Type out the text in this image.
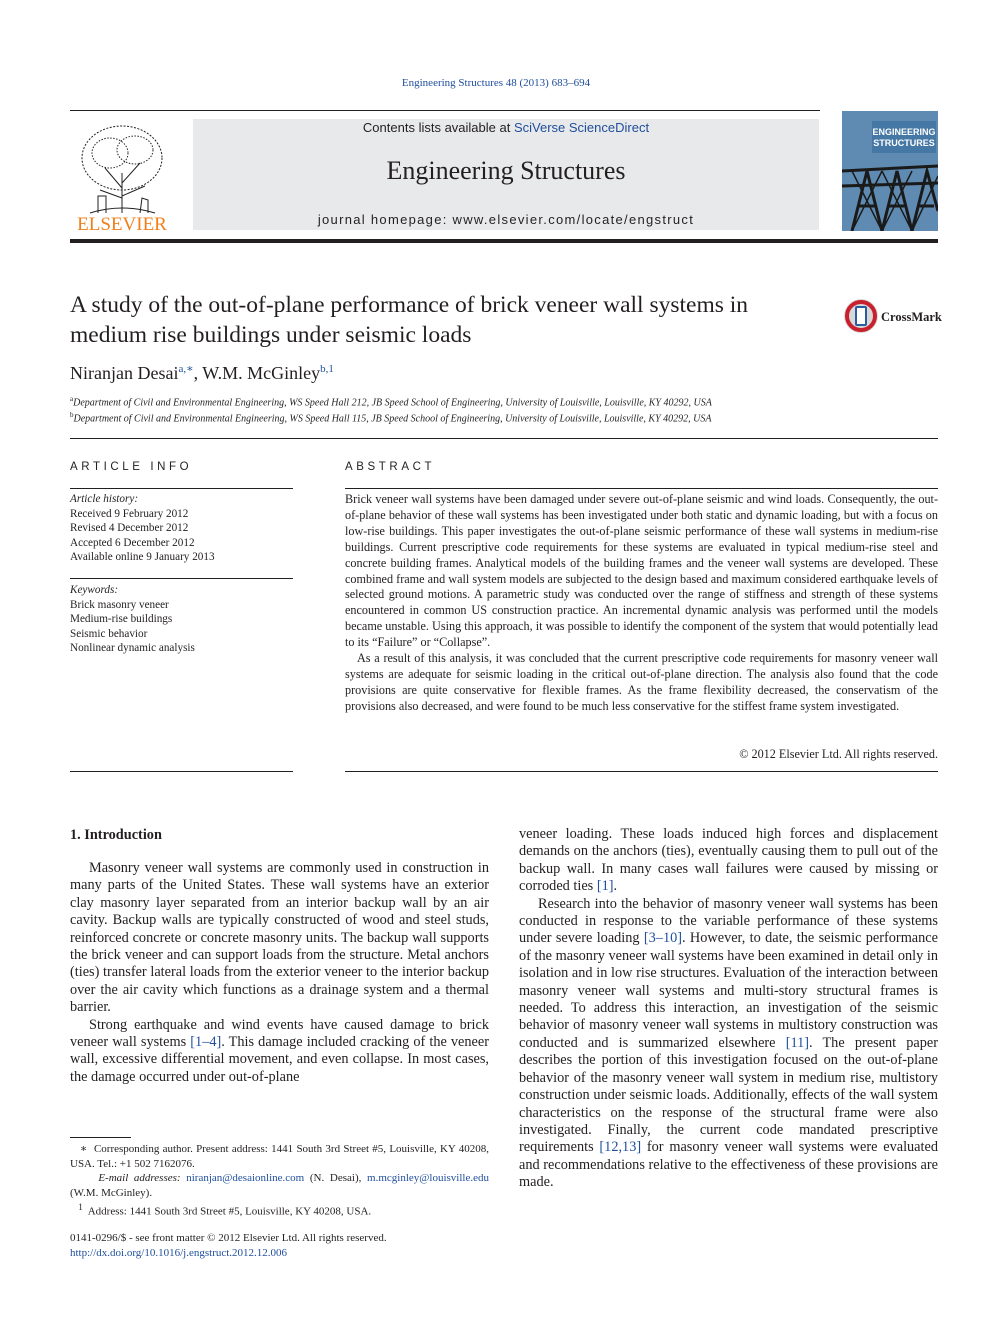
Engineering Structures 48 (2013) 683–694
ELSEVIER
Contents lists available at SciVerse ScienceDirect
Engineering Structures
journal homepage: www.elsevier.com/locate/engstruct
ENGINEERING
STRUCTURES
A study of the out-of-plane performance of brick veneer wall systems in medium rise buildings under seismic loads
CrossMark
Niranjan Desai$^{a,∗}$, W.M. McGinley$^{b,1}$
$^a$Department of Civil and Environmental Engineering, WS Speed Hall 212, JB Speed School of Engineering, University of Louisville, Louisville, KY 40292, USA
$^b$Department of Civil and Environmental Engineering, WS Speed Hall 115, JB Speed School of Engineering, University of Louisville, Louisville, KY 40292, USA
ARTICLE INFO
Article history:
Received 9 February 2012
Revised 4 December 2012
Accepted 6 December 2012
Available online 9 January 2013
Keywords:
Brick masonry veneer
Medium-rise buildings
Seismic behavior
Nonlinear dynamic analysis
ABSTRACT

Brick veneer wall systems have been damaged under severe out-of-plane seismic and wind loads. Consequently, the out-of-plane behavior of these wall systems has been investigated under both static and dynamic loading, but with a focus on low-rise buildings. This paper investigates the out-of-plane seismic performance of these wall systems in medium-rise buildings. Current prescriptive code requirements for these systems are evaluated in typical medium-rise steel and concrete building frames. Analytical models of the building frames and the veneer wall systems are developed. These combined frame and wall system models are subjected to the design based and maximum considered earthquake levels of selected ground motions. A parametric study was conducted over the range of stiffness and strength of these systems encountered in common US construction practice. An incremental dynamic analysis was performed until the models became unstable. Using this approach, it was possible to identify the component of the system that would potentially lead to its “Failure” or “Collapse”.

As a result of this analysis, it was concluded that the current prescriptive code requirements for masonry veneer wall systems are adequate for seismic loading in the critical out-of-plane direction. The analysis also found that the code provisions are quite conservative for flexible frames. As the frame flexibility decreased, the conservatism of the provisions also decreased, and were found to be much less conservative for the stiffest frame system investigated.

© 2012 Elsevier Ltd. All rights reserved.
1. Introduction

Masonry veneer wall systems are commonly used in construction in many parts of the United States. These wall systems have an exterior clay masonry layer separated from an interior backup wall by an air cavity. Backup walls are typically constructed of wood and steel studs, reinforced concrete or concrete masonry units. The backup wall supports the brick veneer and can support loads from the structure. Metal anchors (ties) transfer lateral loads from the exterior veneer to the interior backup over the air cavity which functions as a drainage system and a thermal barrier.

Strong earthquake and wind events have caused damage to brick veneer wall systems [1–4]. This damage included cracking of the veneer wall, excessive differential movement, and even collapse. In most cases, the damage occurred under out-of-plane

veneer loading. These loads induced high forces and displacement demands on the anchors (ties), eventually causing them to pull out of the backup wall. In many cases wall failures were caused by missing or corroded ties [1].

Research into the behavior of masonry veneer wall systems has been conducted in response to the variable performance of these systems under severe loading [3–10]. However, to date, the seismic performance of the masonry veneer wall systems have been examined in detail only in isolation and in low rise structures. Evaluation of the interaction between masonry veneer wall systems and multi-story structural frames is needed. To address this interaction, an investigation of the seismic behavior of masonry veneer wall systems in multistory construction was conducted and is summarized elsewhere [11]. The present paper describes the portion of this investigation focused on the out-of-plane behavior of the masonry veneer wall system in medium rise, multistory construction under seismic loads. Additionally, effects of the wall system characteristics on the response of the structural frame were also investigated. Finally, the current code mandated prescriptive requirements [12,13] for masonry veneer wall systems were evaluated and recommendations relative to the effectiveness of these provisions are made.

∗ Corresponding author. Present address: 1441 South 3rd Street #5, Louisville, KY 40208, USA. Tel.: +1 502 7162076.

E-mail addresses: niranjan@desaionline.com (N. Desai), m.mcginley@louisville.edu (W.M. McGinley).

$^1$ Address: 1441 South 3rd Street #5, Louisville, KY 40208, USA.

0141-0296/$ - see front matter © 2012 Elsevier Ltd. All rights reserved.
http://dx.doi.org/10.1016/j.engstruct.2012.12.006
